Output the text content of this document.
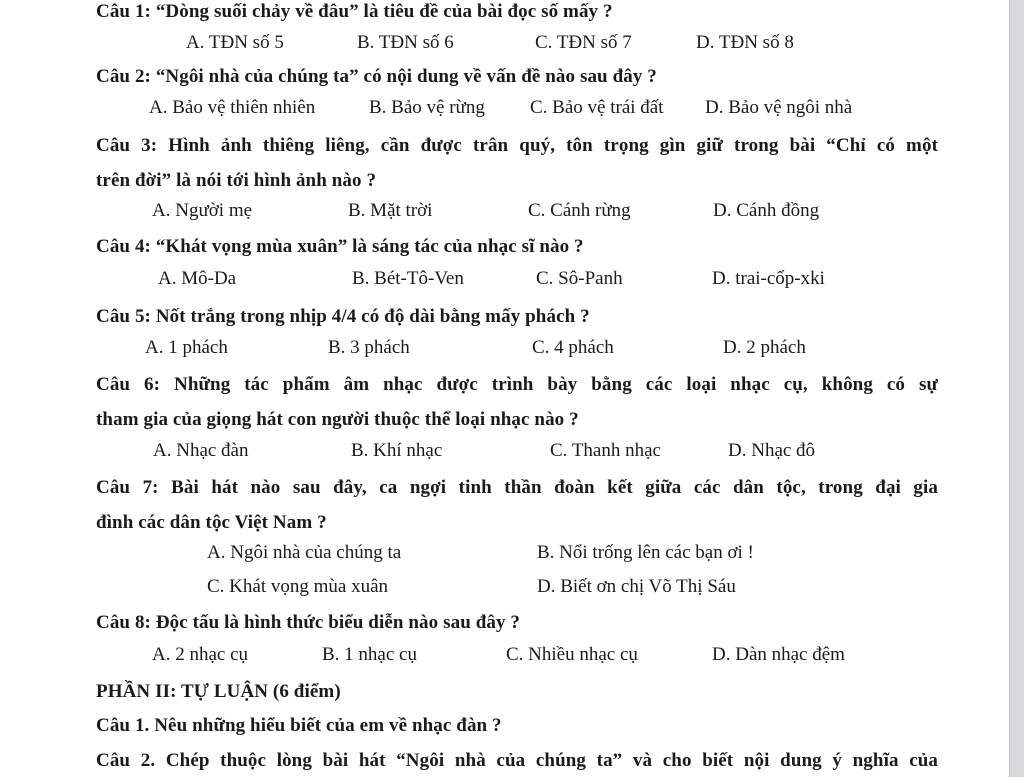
Câu 1: “Dòng suối chảy về đâu” là tiêu đề của bài đọc số mấy ?
A. TĐN số 5	B. TĐN số 6	C. TĐN số 7	D. TĐN số 8
Câu 2: “Ngôi nhà của chúng ta” có nội dung về vấn đề nào sau đây ?
A. Bảo vệ thiên nhiên	B. Bảo vệ rừng C. Bảo vệ trái đất D. Bảo vệ ngôi nhà
Câu 3: Hình ảnh thiêng liêng, cần được trân quý, tôn trọng gìn giữ trong bài “Chỉ có một
trên đời” là nói tới hình ảnh nào ?
A. Người mẹ	B. Mặt trời	C. Cánh rừng	D. Cánh đồng
Câu 4: “Khát vọng mùa xuân” là sáng tác của nhạc sĩ nào ?
A. Mô-Da	B. Bét-Tô-Ven	C. Sô-Panh	D. trai-cốp-xki
Câu 5: Nốt trắng trong nhịp 4/4 có độ dài bằng mấy phách ?
A. 1 phách	B. 3 phách	C. 4 phách	D. 2 phách
Câu 6: Những tác phẩm âm nhạc được trình bày bằng các loại nhạc cụ, không có sự
tham gia của giọng hát con người thuộc thể loại nhạc nào ?
A. Nhạc đàn	B. Khí nhạc	C. Thanh nhạc	D. Nhạc đô
Câu 7: Bài hát nào sau đây, ca ngợi tinh thần đoàn kết giữa các dân tộc, trong đại gia
đình các dân tộc Việt Nam ?
A. Ngôi nhà của chúng ta	B. Nổi trống lên các bạn ơi !
C. Khát vọng mùa xuân	D. Biết ơn chị Võ Thị Sáu
Câu 8: Độc tấu là hình thức biểu diễn nào sau đây ?
A. 2 nhạc cụ	B. 1 nhạc cụ	C. Nhiều nhạc cụ	D. Dàn nhạc đệm
PHẦN II: TỰ LUẬN (6 điểm)
Câu 1. Nêu những hiểu biết của em về nhạc đàn ?
Câu 2. Chép thuộc lòng bài hát “Ngôi nhà của chúng ta” và cho biết nội dung ý nghĩa của
